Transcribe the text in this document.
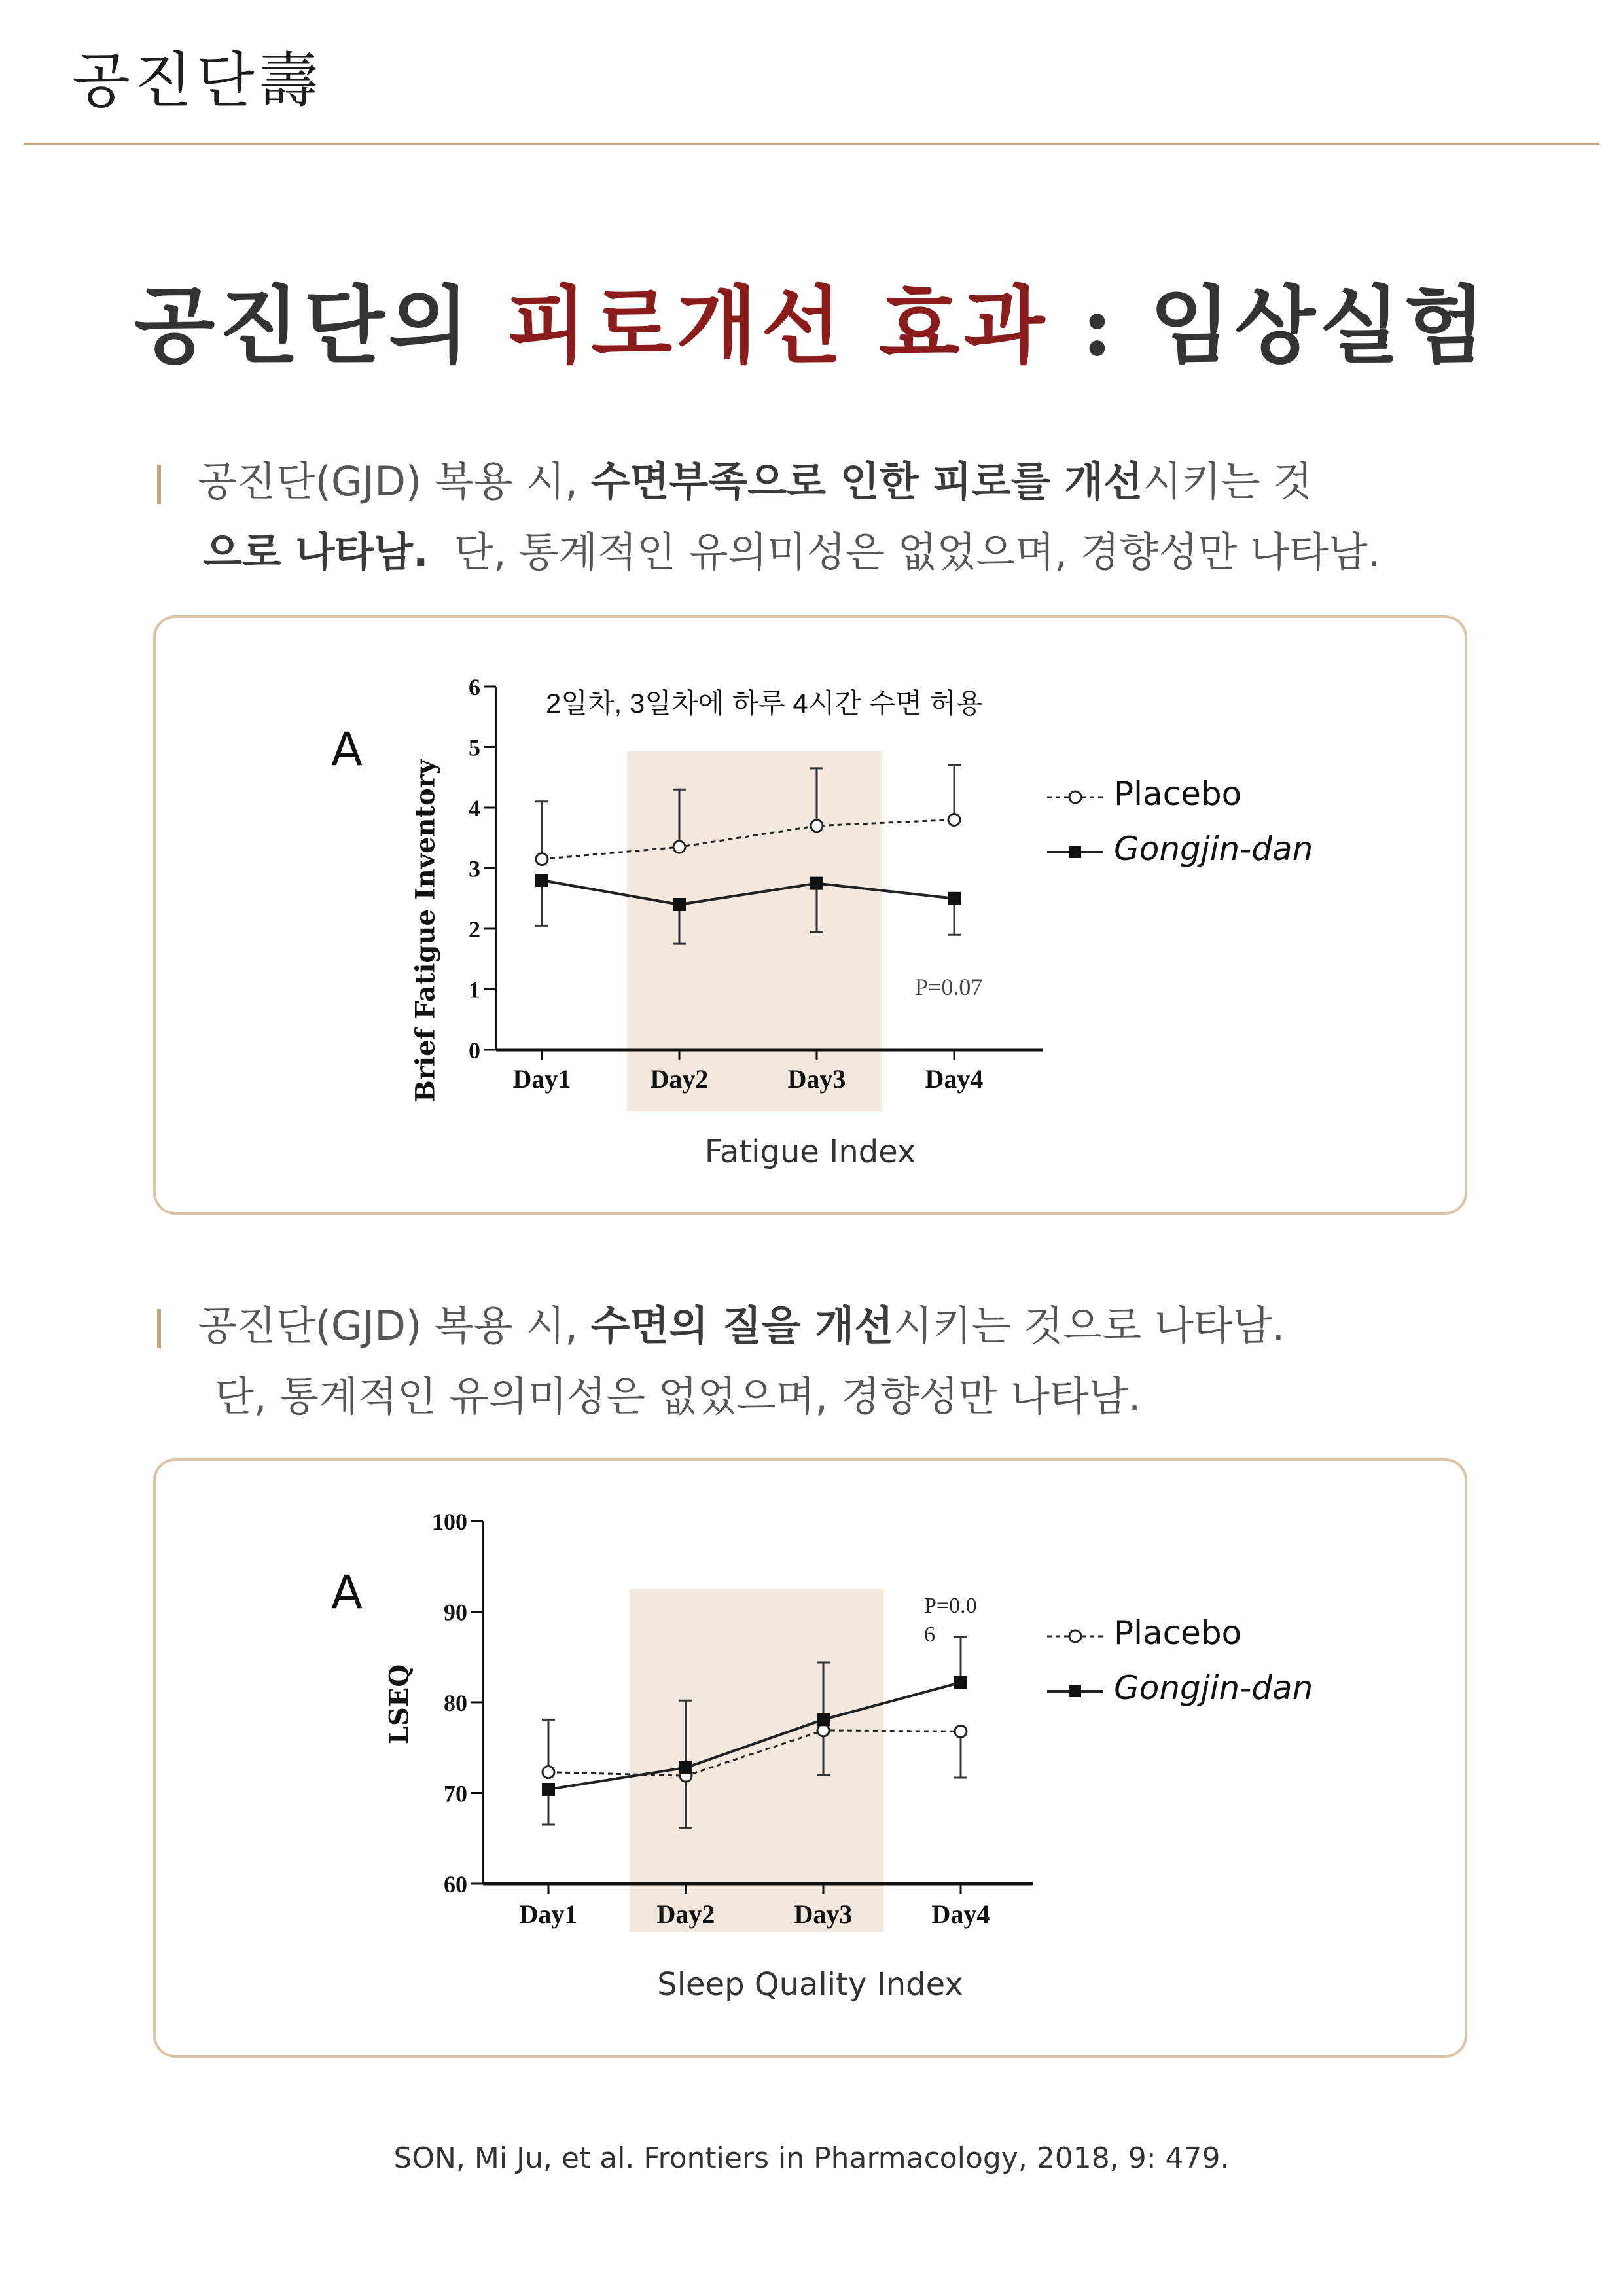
공진단壽
공진단의 피로개선 효과 : 임상실험
공진단(GJD) 복용 시, 수면부족으로 인한 피로를 개선시키는 것
으로 나타남. 단, 통계적인 유의미성은 없었으며, 경향성만 나타남.
A
Brief Fatigue Inventory 0
1
2
3
4
5
6
Day1	Day2	Day3	Day4
2일차, 3일차에 하루 4시간 수면 허용
P=0.07
Fatigue Index
Placebo
Gongjin-dan
공진단(GJD) 복용 시, 수면의 질을 개선시키는 것으로 나타남.
단, 통계적인 유의미성은 없었으며, 경향성만 나타남.
A
LSEQ
60
70
80
90
100
Day1	Day2	Day3	Day4
P=0.0
6
Sleep Quality Index
Placebo
Gongjin-dan
SON, Mi Ju, et al. Frontiers in Pharmacology, 2018, 9: 479.
